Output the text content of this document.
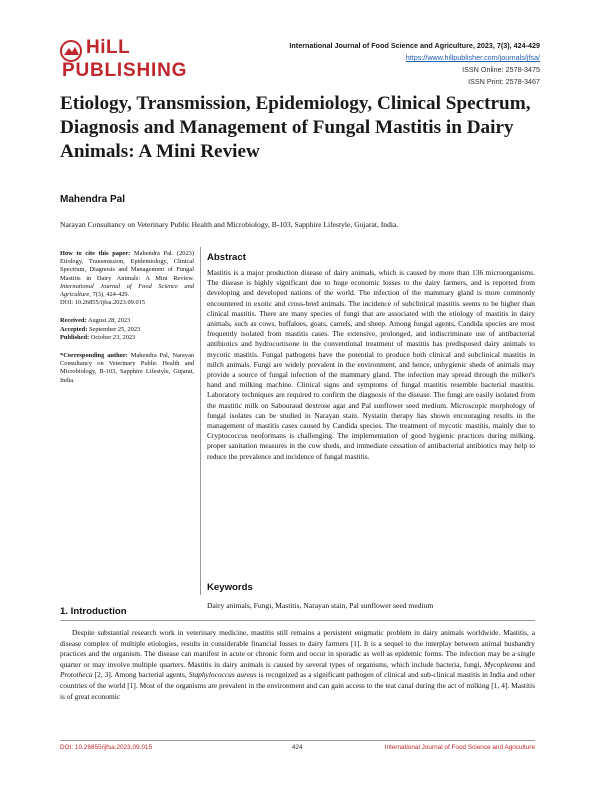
HiLL
PUBLISHING
International Journal of Food Science and Agriculture, 2023, 7(3), 424-429
https://www.hillpublisher.com/journals/jfsa/
ISSN Online: 2578-3475
ISSN Print: 2578-3467
Etiology, Transmission, Epidemiology, Clinical Spectrum, Diagnosis and Management of Fungal Mastitis in Dairy Animals: A Mini Review
Mahendra Pal
Narayan Consultancy on Veterinary Public Health and Microbiology, B-103, Sapphire Lifestyle, Gujarat, India.

How to cite this paper: Mahendra Pal. (2023) Etiology, Transmission, Epidemiology, Clinical Spectrum, Diagnosis and Management of Fungal Mastitis in Dairy Animals: A Mini Review. International Journal of Food Science and Agriculture, 7(3), 424-429.
DOI: 10.26855/ijfsa.2023.09.015

Received: August 28, 2023
Accepted: September 25, 2023
Published: October 23, 2023

*Corresponding author: Mahendra Pal, Narayan Consultancy on Veterinary Public Health and Microbiology, B-103, Sapphire Lifestyle, Gujarat, India.

Abstract
Mastitis is a major production disease of dairy animals, which is caused by more than 136 microorganisms. The disease is highly significant due to huge economic losses to the dairy farmers, and is reported from developing and developed nations of the world. The infection of the mammary gland is more commonly encountered in exotic and cross-bred animals. The incidence of subclinical mastitis seems to be higher than clinical mastitis. There are many species of fungi that are associated with the etiology of mastitis in dairy animals, such as cows, buffaloes, goats, camels, and sheep. Among fungal agents, Candida species are most frequently isolated from mastitis cases. The extensive, prolonged, and indiscriminate use of antibacterial antibiotics and hydrocortisone in the conventional treatment of mastitis has predisposed dairy animals to mycotic mastitis. Fungal pathogens have the potential to produce both clinical and subclinical mastitis in milch animals. Fungi are widely prevalent in the environment, and hence, unhygienic sheds of animals may provide a source of fungal infection of the mammary gland. The infection may spread through the milker's hand and milking machine. Clinical signs and symptoms of fungal mastitis resemble bacterial mastitis. Laboratory techniques are required to confirm the diagnosis of the disease. The fungi are easily isolated from the mastitic milk on Sabouraud dextrose agar and Pal sunflower seed medium. Microscopic morphology of fungal isolates can be studied in Narayan stain. Nystatin therapy has shown encouraging results in the management of mastitis cases caused by Candida species. The treatment of mycotic mastitis, mainly due to Cryptococcus neoformans is challenging. The implementation of good hygienic practices during milking, proper sanitation measures in the cow sheds, and immediate cessation of antibacterial antibiotics may help to reduce the prevalence and incidence of fungal mastitis.
Keywords
Dairy animals, Fungi, Mastitis, Narayan stain, Pal sunflower seed medium
1. Introduction
Despite substantial research work in veterinary medicine, mastitis still remains a persistent enigmatic problem in dairy animals worldwide. Mastitis, a disease complex of multiple etiologies, results in considerable financial losses to dairy farmers [1]. It is a sequel to the interplay between animal husbandry practices and the organism. The disease can manifest in acute or chronic form and occur in sporadic as well as epidemic forms. The infection may be a single quarter or may involve multiple quarters. Mastitis in dairy animals is caused by several types of organisms, which include bacteria, fungi, Mycoplasma and Prototheca [2, 3]. Among bacterial agents, Staphylococcus aureus is recognized as a significant pathogen of clinical and sub-clinical mastitis in India and other countries of the world [1]. Most of the organisms are prevalent in the environment and can gain access to the teat canal during the act of milking [1, 4]. Mastitis is of great economic
DOI: 10.26855/ijfsa.2023.09.015	424	International Journal of Food Science and Agriculture
